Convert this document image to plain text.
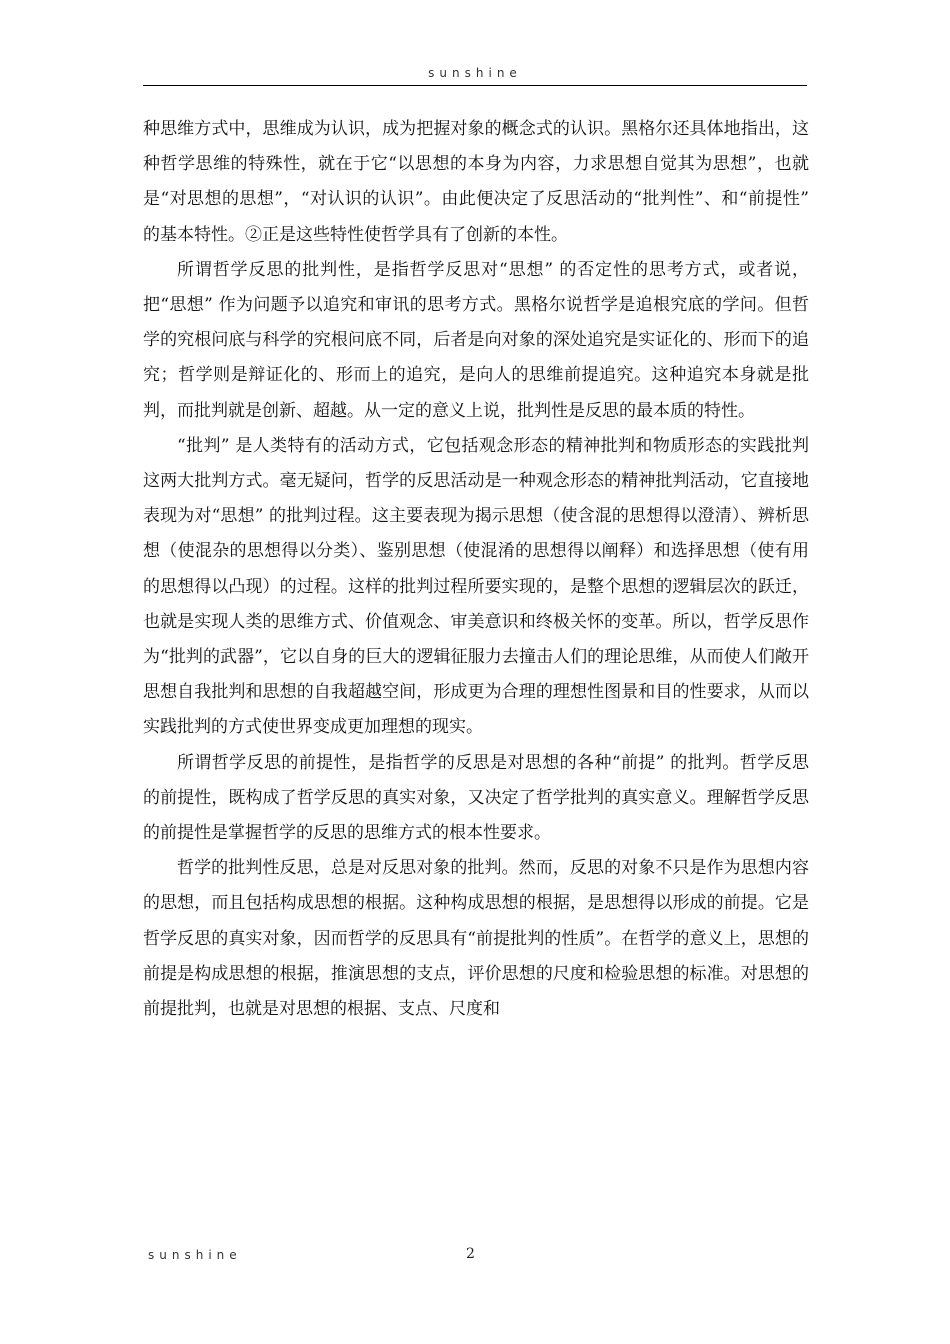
sunshine

种思维方式中，思维成为认识，成为把握对象的概念式的认识。黑格尔还具体地指出，这种哲学思维的特殊性，就在于它“以思想的本身为内容，力求思想自觉其为思想”，也就是“对思想的思想”，“对认识的认识”。由此便决定了反思活动的“批判性”、和“前提性” 的基本特性。②正是这些特性使哲学具有了创新的本性。

所谓哲学反思的批判性，是指哲学反思对“思想” 的否定性的思考方式，或者说，把“思想” 作为问题予以追究和审讯的思考方式。黑格尔说哲学是追根究底的学问。但哲学的究根问底与科学的究根问底不同，后者是向对象的深处追究是实证化的、形而下的追究；哲学则是辩证化的、形而上的追究，是向人的思维前提追究。这种追究本身就是批判，而批判就是创新、超越。从一定的意义上说，批判性是反思的最本质的特性。

“批判” 是人类特有的活动方式，它包括观念形态的精神批判和物质形态的实践批判这两大批判方式。毫无疑问，哲学的反思活动是一种观念形态的精神批判活动，它直接地表现为对“思想” 的批判过程。这主要表现为揭示思想（使含混的思想得以澄清）、辨析思想（使混杂的思想得以分类）、鉴别思想（使混淆的思想得以阐释）和选择思想（使有用的思想得以凸现）的过程。这样的批判过程所要实现的，是整个思想的逻辑层次的跃迁，也就是实现人类的思维方式、价值观念、审美意识和终极关怀的变革。所以，哲学反思作为“批判的武器”，它以自身的巨大的逻辑征服力去撞击人们的理论思维，从而使人们敞开思想自我批判和思想的自我超越空间，形成更为合理的理想性图景和目的性要求，从而以实践批判的方式使世界变成更加理想的现实。

所谓哲学反思的前提性，是指哲学的反思是对思想的各种“前提” 的批判。哲学反思的前提性，既构成了哲学反思的真实对象，又决定了哲学批判的真实意义。理解哲学反思的前提性是掌握哲学的反思的思维方式的根本性要求。

哲学的批判性反思，总是对反思对象的批判。然而，反思的对象不只是作为思想内容的思想，而且包括构成思想的根据。这种构成思想的根据，是思想得以形成的前提。它是哲学反思的真实对象，因而哲学的反思具有“前提批判的性质”。在哲学的意义上，思想的前提是构成思想的根据，推演思想的支点，评价思想的尺度和检验思想的标准。对思想的前提批判，也就是对思想的根据、支点、尺度和

sunshine	2
